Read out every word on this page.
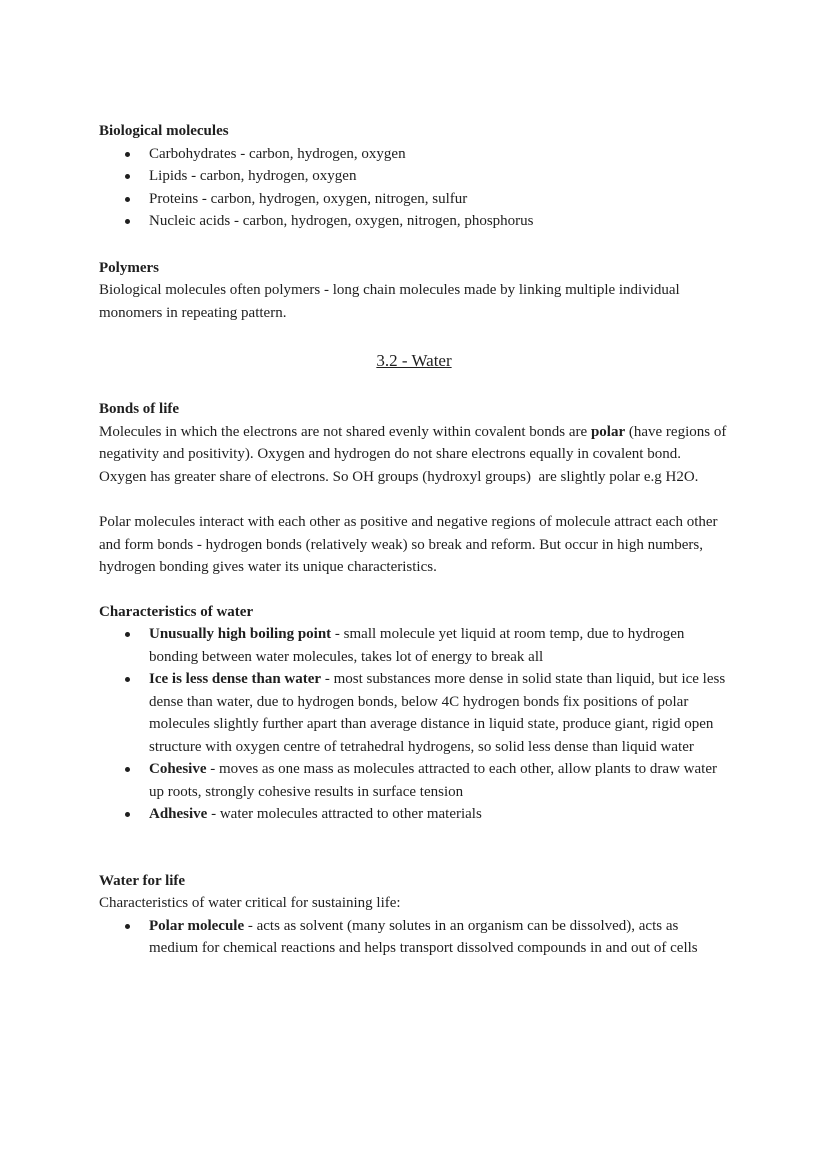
Biological molecules
Carbohydrates - carbon, hydrogen, oxygen
Lipids - carbon, hydrogen, oxygen
Proteins - carbon, hydrogen, oxygen, nitrogen, sulfur
Nucleic acids - carbon, hydrogen, oxygen, nitrogen, phosphorus
Polymers

Biological molecules often polymers - long chain molecules made by linking multiple individual monomers in repeating pattern.

3.2 - Water
Bonds of life

Molecules in which the electrons are not shared evenly within covalent bonds are polar (have regions of negativity and positivity). Oxygen and hydrogen do not share electrons equally in covalent bond. Oxygen has greater share of electrons. So OH groups (hydroxyl groups)  are slightly polar e.g H2O.

Polar molecules interact with each other as positive and negative regions of molecule attract each other and form bonds - hydrogen bonds (relatively weak) so break and reform. But occur in high numbers, hydrogen bonding gives water its unique characteristics.

Characteristics of water
Unusually high boiling point - small molecule yet liquid at room temp, due to hydrogen bonding between water molecules, takes lot of energy to break all
Ice is less dense than water - most substances more dense in solid state than liquid, but ice less dense than water, due to hydrogen bonds, below 4C hydrogen bonds fix positions of polar molecules slightly further apart than average distance in liquid state, produce giant, rigid open structure with oxygen centre of tetrahedral hydrogens, so solid less dense than liquid water
Cohesive - moves as one mass as molecules attracted to each other, allow plants to draw water up roots, strongly cohesive results in surface tension
Adhesive - water molecules attracted to other materials
Water for life

Characteristics of water critical for sustaining life:

Polar molecule - acts as solvent (many solutes in an organism can be dissolved), acts as medium for chemical reactions and helps transport dissolved compounds in and out of cells
